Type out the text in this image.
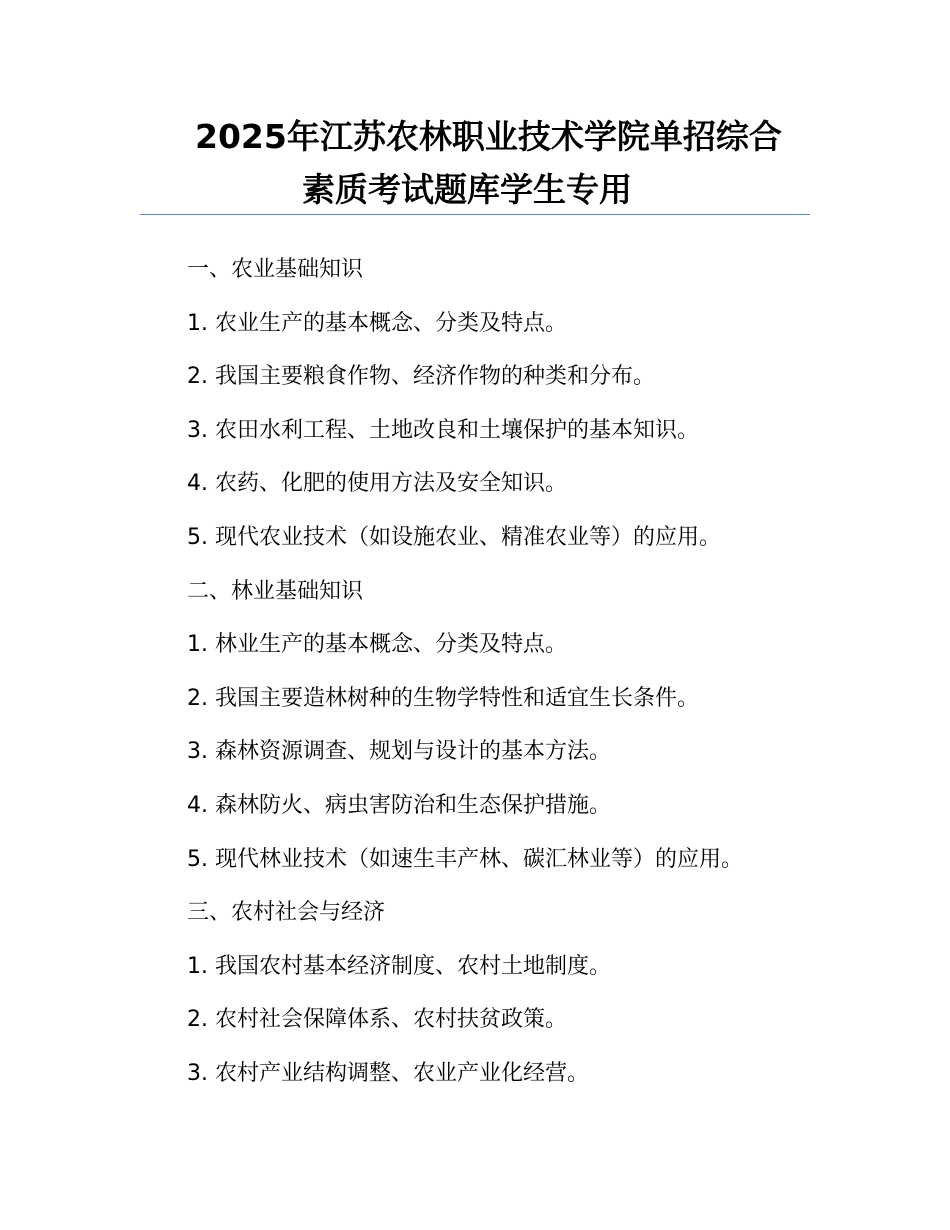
2025年江苏农林职业技术学院单招综合
素质考试题库学生专用
一、农业基础知识
1. 农业生产的基本概念、分类及特点。
2. 我国主要粮食作物、经济作物的种类和分布。
3. 农田水利工程、土地改良和土壤保护的基本知识。
4. 农药、化肥的使用方法及安全知识。
5. 现代农业技术（如设施农业、精准农业等）的应用。
二、林业基础知识
1. 林业生产的基本概念、分类及特点。
2. 我国主要造林树种的生物学特性和适宜生长条件。
3. 森林资源调查、规划与设计的基本方法。
4. 森林防火、病虫害防治和生态保护措施。
5. 现代林业技术（如速生丰产林、碳汇林业等）的应用。
三、农村社会与经济
1. 我国农村基本经济制度、农村土地制度。
2. 农村社会保障体系、农村扶贫政策。
3. 农村产业结构调整、农业产业化经营。
